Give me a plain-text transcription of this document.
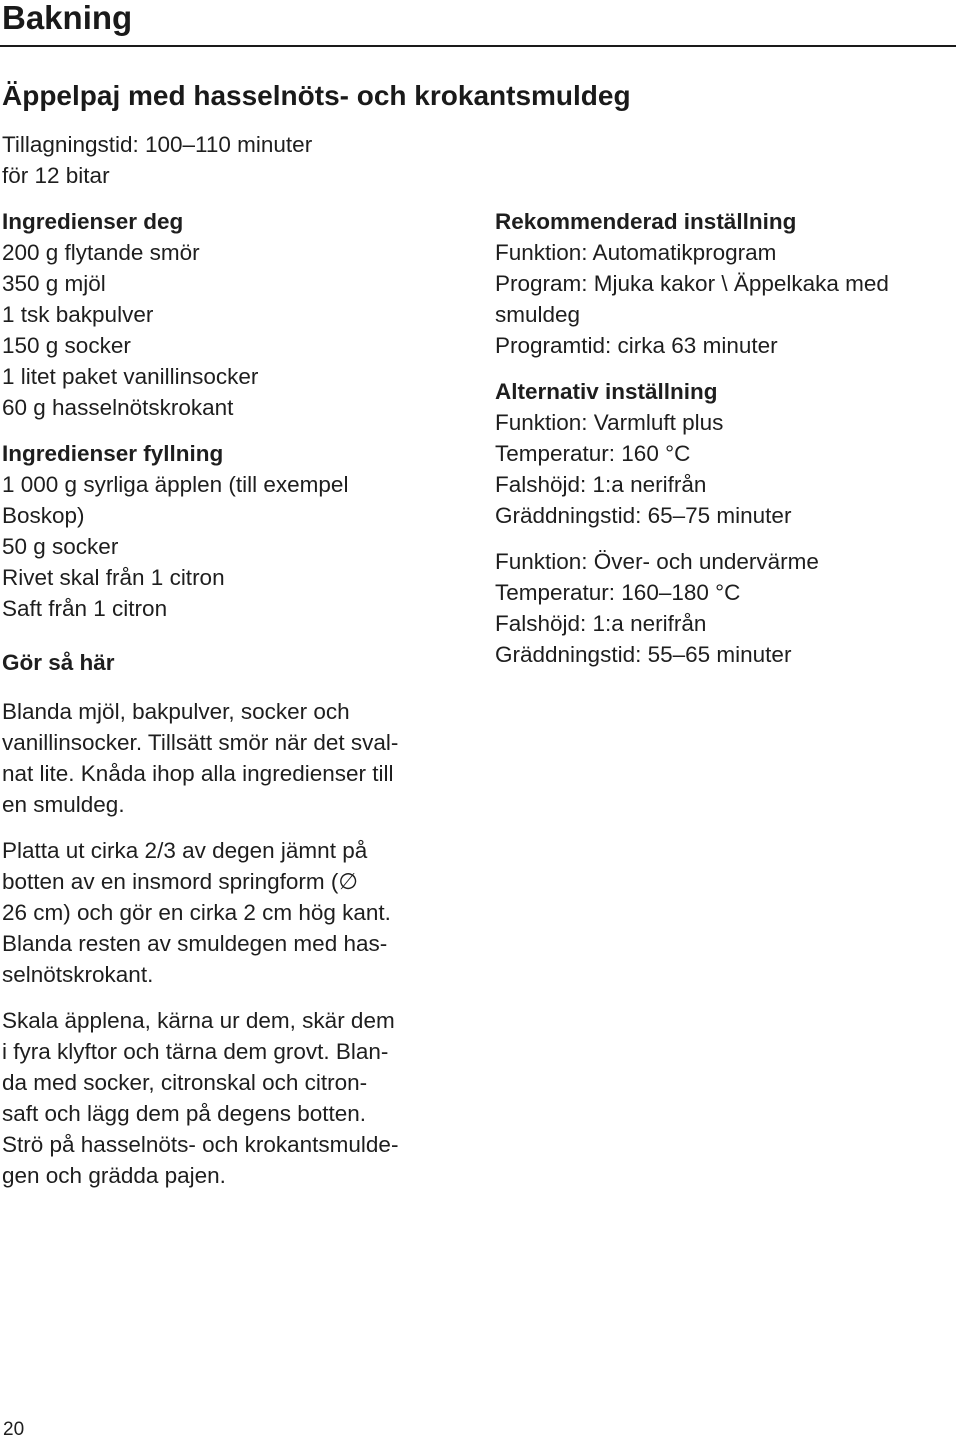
Bakning
Äppelpaj med hasselnöts- och krokantsmuldeg
Tillagningstid: 100–110 minuter
för 12 bitar
Ingredienser deg
200 g flytande smör
350 g mjöl
1 tsk bakpulver
150 g socker
1 litet paket vanillinsocker
60 g hasselnötskrokant
Ingredienser fyllning
1 000 g syrliga äpplen (till exempel
Boskop)
50 g socker
Rivet skal från 1 citron
Saft från 1 citron
Gör så här
Blanda mjöl, bakpulver, socker och
vanillinsocker. Tillsätt smör när det sval-
nat lite. Knåda ihop alla ingredienser till
en smuldeg.
Platta ut cirka 2/3 av degen jämnt på
botten av en insmord springform (∅
26 cm) och gör en cirka 2 cm hög kant.
Blanda resten av smuldegen med has-
selnötskrokant.
Skala äpplena, kärna ur dem, skär dem
i fyra klyftor och tärna dem grovt. Blan-
da med socker, citronskal och citron-
saft och lägg dem på degens botten.
Strö på hasselnöts- och krokantsmulde-
gen och grädda pajen.
Rekommenderad inställning
Funktion: Automatikprogram
Program: Mjuka kakor \ Äppelkaka med
smuldeg
Programtid: cirka 63 minuter
Alternativ inställning
Funktion: Varmluft plus
Temperatur: 160 °C
Falshöjd: 1:a nerifrån
Gräddningstid: 65–75 minuter
Funktion: Över- och undervärme
Temperatur: 160–180 °C
Falshöjd: 1:a nerifrån
Gräddningstid: 55–65 minuter

20
